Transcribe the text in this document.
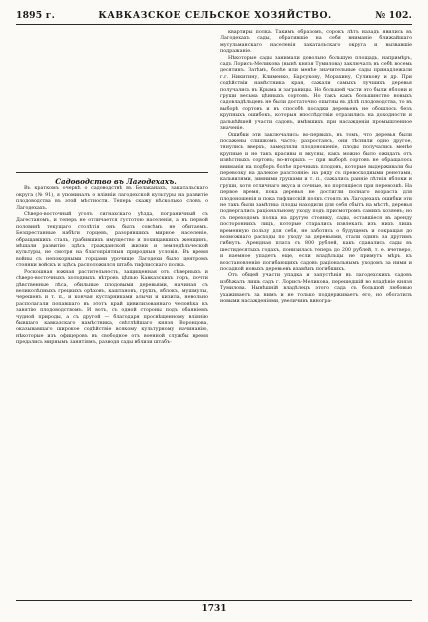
1895 г.	КАВКАЗСКОЕ СЕЛЬСКОЕ ХОЗЯЙСТВО.	№ 102.

Садоводство въ Лагодехахъ.

Въ краткомъ очеркѣ о садоводствѣ въ Белаканахъ, закатальскаго округа (№ 91), я упоминалъ о вліяніи лагодехской культуры на развитіе плодоводства въ этой мѣстности. Теперь скажу нѣсколько словъ о Лагодехахъ.

Сѣверо-восточный уголъ сигнахскаго уѣзда, пограничный съ Дагестаномъ, и теперь не отличается густотою населенія, а въ первой половинѣ текущаго столѣтія онъ былъ совсѣмъ не обитаемъ. Безпрестанные набѣги горцевъ, разорявшихъ мирное населеніе, обращавшихъ сталь, грабившихъ имущество и похищавшихъ женщинъ, мѣшали развитію здѣсь гражданской жизни и земледѣльческой культуры, не смотря на благопріятныя природныя условія. Въ время войны съ непокорными горцами урочище Лагодехи было центромъ стоянки войскъ и здѣсь расположился штабъ тифлисскаго полка.

Роскошная южная растительность, защищенная отъ сѣверныхъ и сѣверо-восточныхъ холодныхъ вѣтровъ цѣпью Кавказскихъ горъ, почти дѣвственные лѣса, обильные плодовыми деревьями, начиная съ великолѣпныхъ грецкихъ орѣховъ, каштановъ, грушъ, яблокъ, мушмулы, черешенъ и т. п., и кончая кустарниками алычи и кизила, невольно располагали попавшаго въ этотъ край цивилизованнаго человѣка къ занятію плодоводствомъ. И вотъ, съ одной стороны подъ обаяніемъ чудной природы, а съ другой — благодаря просвѣщенному вліянію бывшаго кавказскаго намѣстника, свѣтлѣйшаго князя Воронцова, оказывавшаго широкое содѣйствіе всякому культурному начинанію, нѣкоторые изъ офицеровъ въ свободное отъ военной службы время предались мирнымъ занятіямъ, разводя сады вблизи штабъ-

квартиры полка. Такимъ образомъ, сорокъ лѣтъ назадъ явились въ Лагодехахъ сады, обратившіе на себя вниманіе ближайшаго мусульманскаго населенія закатальскаго округа и вызвавшіе подражаніе.

Нѣкоторые сады занимали довольно большую площадь, напримѣръ, садъ Лорисъ-Меликова (нынѣ князя Тумилова) заключалъ въ себѣ восемь десятинъ. Затѣмъ, болѣе или менѣе значительные сады принадлежали г.г. Никитину, Клименко, Барсукову, Морахину, Суликову и др. При содѣйствіи намѣстника края, сажали самыхъ лучшихъ деревья получались въ Крыма и заграницы. Но большей части это были яблони и груши весьма цѣнныхъ сортовъ. Но такъ какъ большинство новыхъ садовладѣльцевъ не были достаточно опытны въ дѣлѣ плодоводства, то въ выборѣ сортовъ и въ способѣ посадки деревьевъ не обошлось безъ крупныхъ ошибокъ, которыя впослѣдствіи отразились на доходности и дальнѣйшей участи садовъ, имѣвшихъ при насажденіи промышленное значеніе.

Ошибки эти заключались: во-первыхъ, въ томъ, что деревья были посажены слишкомъ часто; разростаясь, они тѣснили одно другое, тянулись вверхъ, замедляли плодоношеніе, плоды получались менѣе крупные и не такъ красивы и вкусны, какъ можно было ожидать отъ извѣстныхъ сортовъ; во-вторыхъ — при выборѣ сортовъ не обращалось вниманія на подборъ болѣе прочныхъ плодовъ, которые выдерживали бы перевозку на далекое разстояніе: на ряду съ превосходными ренетами, кальвилями, зимними грушами и т. п., сажались ранніе лѣтнія яблоки и груши, хотя отличнаго вкуса и сочные, но портящіеся при перевозкѣ. На первое время, пока деревья не достигли полнаго возраста для плодоношенія и пока тифлисскій полкъ стоялъ въ Лагодехахъ ошибки эти не такъ были замѣтны: плоды находили для себя сбытъ на мѣстѣ, деревья подвергались раціональному уходу подъ присмотромъ самихъ хозяевъ; но съ переходомъ полка на другую стоянку, сады, оставшіеся въ аренду постороннихъ лицъ, которые старались извлекать изъ нихъ лишь временную пользу для себя, не заботясь о будущемъ и сокращая до возможнаго расходы по уходу за деревьями, стали одинъ за другимъ гибнуть. Арендная плата съ 800 рублей, какъ сдавались сады въ шестидесятыхъ годахъ, понизилась теперь до 200 рублей, т. е. вчетверо, и наемное упадетъ еще, если владѣльцы не примутъ мѣръ къ возстановленію погибающихъ садовъ раціональнымъ уходомъ за ними и посадкой новыхъ деревьевъ взамѣнъ погибшихъ.

Отъ общей участи упадка и запустѣнія въ лагодехскихъ садовъ избѣжалъ лишь садъ г. Лорисъ-Меликова, перешедшій во владѣніе князя Тумилова. Нынѣшній владѣлецъ этого сада съ большой любовью ухаживаетъ за нимъ и не только поддерживаетъ его, но обогатилъ новыми насажденіями, увеличивъ виногра-

1731
